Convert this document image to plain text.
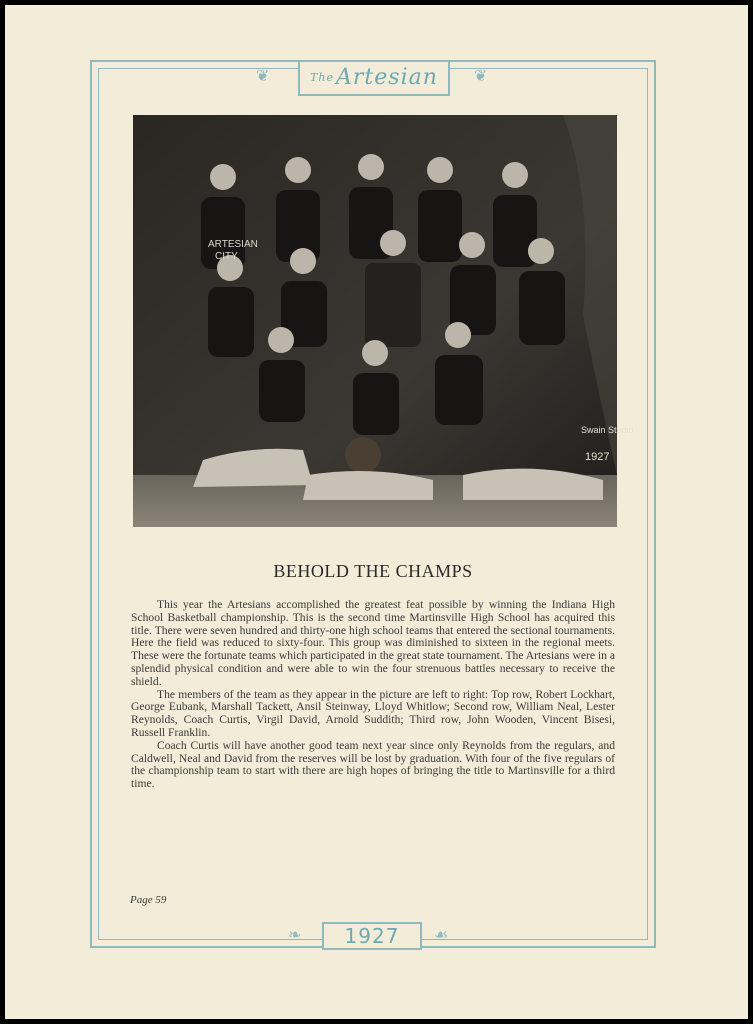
❦	❦
$^{The}$Artesian
ARTESIAN
CITY
Swain Studio
1927
BEHOLD THE CHAMPS

This year the Artesians accomplished the greatest feat possible by winning the Indiana High School Basketball championship. This is the second time Martinsville High School has acquired this title. There were seven hundred and thirty-one high school teams that entered the sectional tournaments. Here the field was reduced to sixty-four. This group was diminished to sixteen in the regional meets. These were the fortunate teams which participated in the great state tournament. The Artesians were in a splendid physical condition and were able to win the four strenuous battles necessary to receive the shield.

The members of the team as they appear in the picture are left to right: Top row, Robert Lockhart, George Eubank, Marshall Tackett, Ansil Steinway, Lloyd Whitlow; Second row, William Neal, Lester Reynolds, Coach Curtis, Virgil David, Arnold Suddith; Third row, John Wooden, Vincent Bisesi, Russell Franklin.

Coach Curtis will have another good team next year since only Reynolds from the regulars, and Caldwell, Neal and David from the reserves will be lost by graduation. With four of the five regulars of the championship team to start with there are high hopes of bringing the title to Martinsville for a third time.

Page 59
❧	☙
1927
